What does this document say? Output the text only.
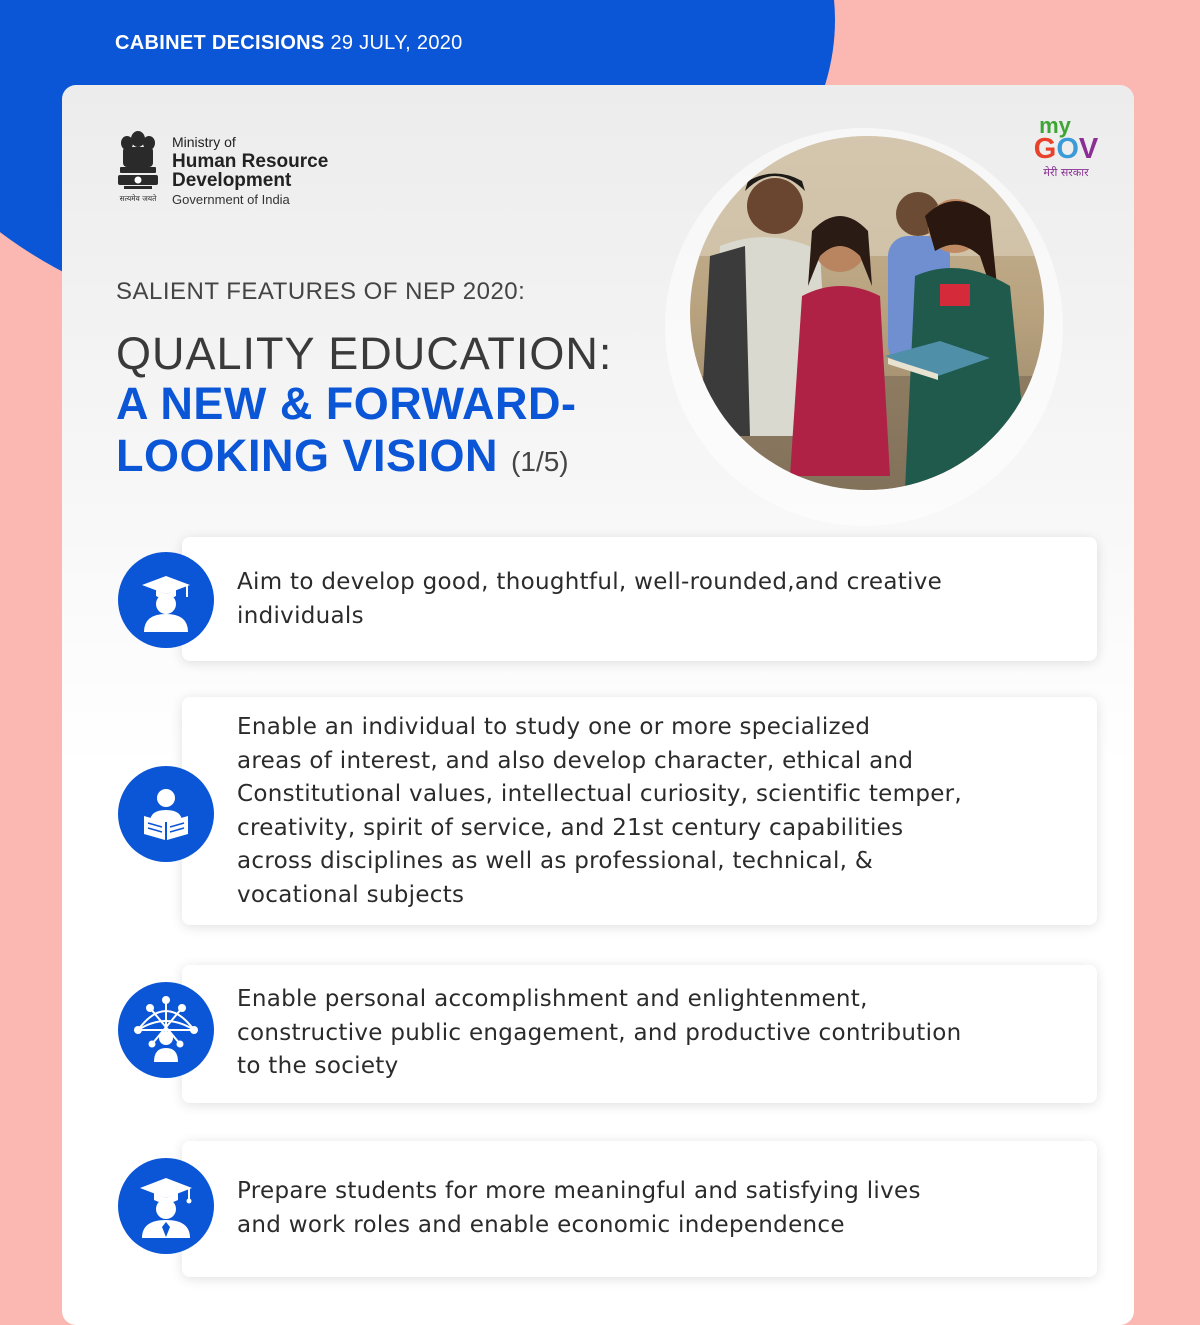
CABINET DECISIONS 29 JULY, 2020
सत्यमेव जयते
Ministry of
Human Resource
Development
Government of India
my
GOV
मेरी सरकार
SALIENT FEATURES OF NEP 2020:
QUALITY EDUCATION:
A NEW & FORWARD-
LOOKING VISION (1/5)
Aim to develop good, thoughtful, well-rounded,and creative
individuals
Enable an individual to study one or more specialized
areas of interest, and also develop character, ethical and
Constitutional values, intellectual curiosity, scientific temper,
creativity, spirit of service, and 21st century capabilities
across disciplines as well as professional, technical, &
vocational subjects
Enable personal accomplishment and enlightenment,
constructive public engagement, and productive contribution
to the society
Prepare students for more meaningful and satisfying lives
and work roles and enable economic independence
